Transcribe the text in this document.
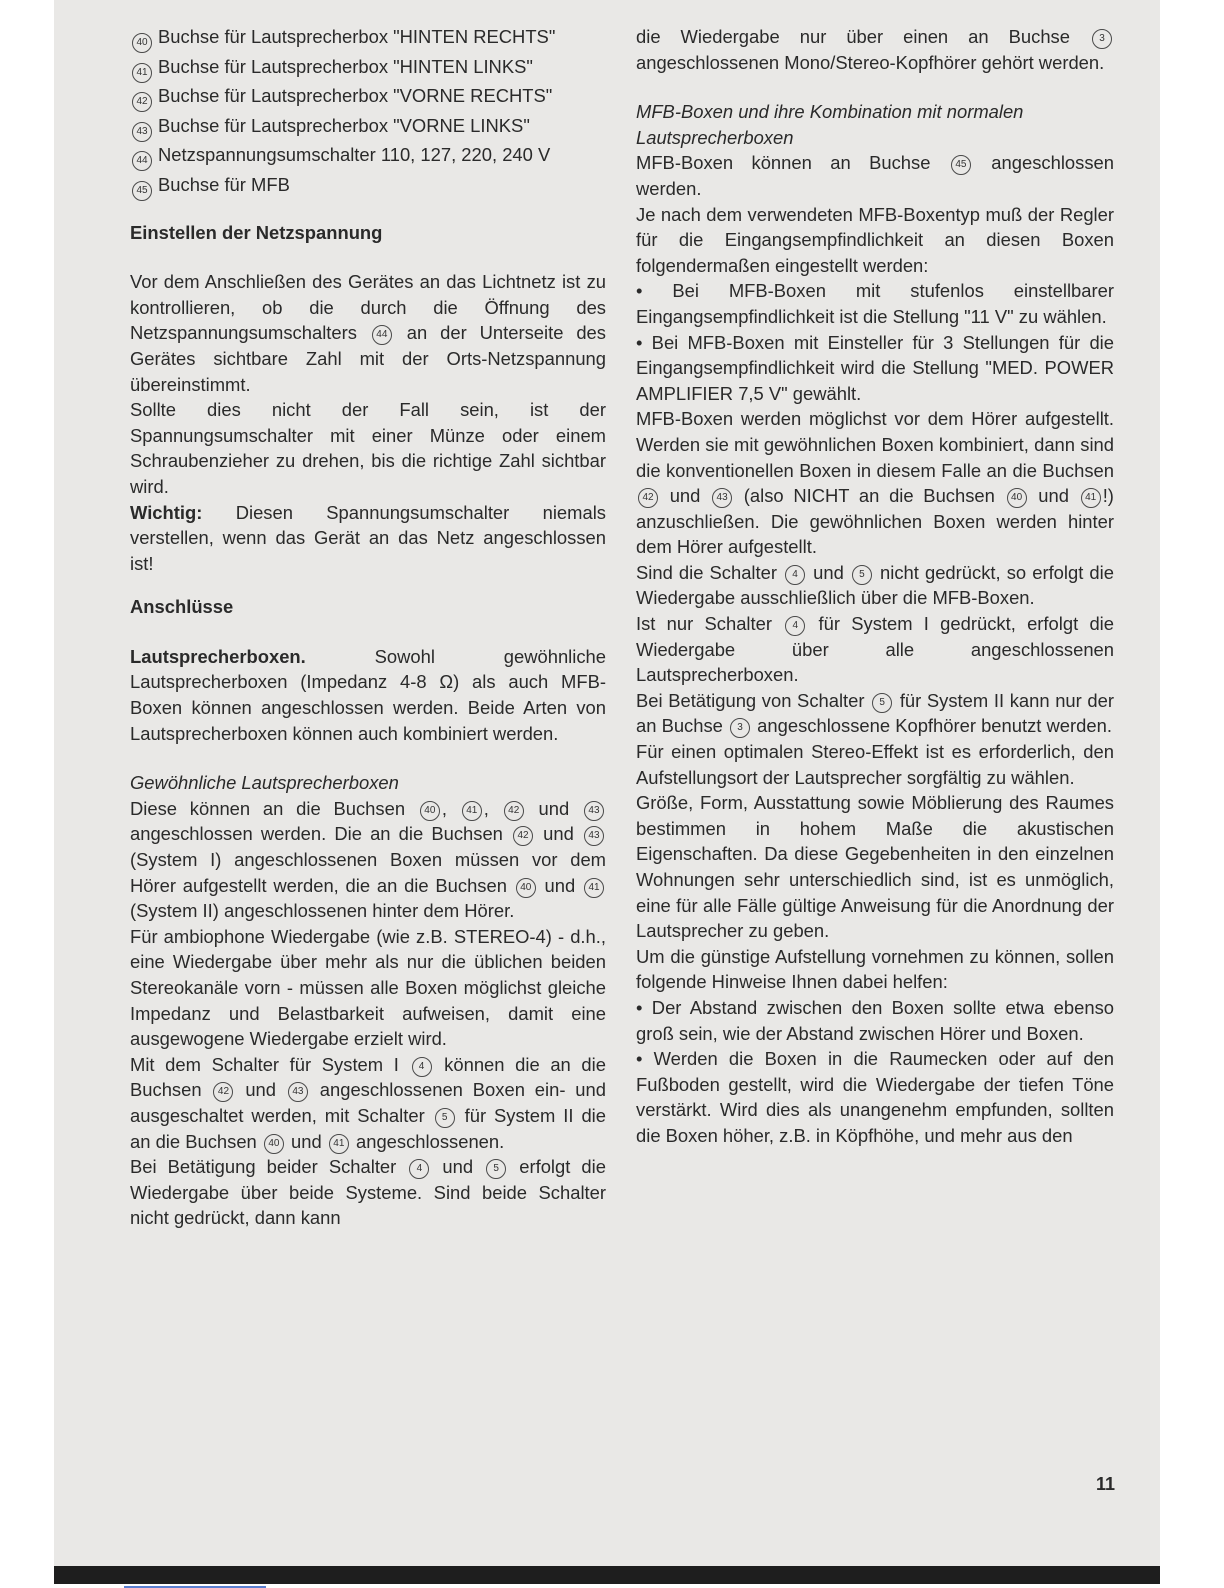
40 Buchse für Lautsprecherbox "HINTEN RECHTS"
41 Buchse für Lautsprecherbox "HINTEN LINKS"
42 Buchse für Lautsprecherbox "VORNE RECHTS"
43 Buchse für Lautsprecherbox "VORNE LINKS"
44 Netzspannungsumschalter 110, 127, 220, 240 V
45 Buchse für MFB
Einstellen der Netzspannung

Vor dem Anschließen des Gerätes an das Lichtnetz ist zu kontrollieren, ob die durch die Öffnung des Netzspannungsumschalters 44 an der Unterseite des Gerätes sichtbare Zahl mit der Orts-Netzspannung übereinstimmt.

Sollte dies nicht der Fall sein, ist der Spannungsumschalter mit einer Münze oder einem Schraubenzieher zu drehen, bis die richtige Zahl sichtbar wird.

Wichtig: Diesen Spannungsumschalter niemals verstellen, wenn das Gerät an das Netz angeschlossen ist!

Anschlüsse

Lautsprecherboxen. Sowohl gewöhnliche Lautsprecherboxen (Impedanz 4-8 Ω) als auch MFB-Boxen können angeschlossen werden. Beide Arten von Lautsprecherboxen können auch kombiniert werden.

Gewöhnliche Lautsprecherboxen

Diese können an die Buchsen 40 , 41 , 42 und 43 angeschlossen werden. Die an die Buchsen 42 und 43 (System I) angeschlossenen Boxen müssen vor dem Hörer aufgestellt werden, die an die Buchsen 40 und 41 (System II) angeschlossenen hinter dem Hörer.

Für ambiophone Wiedergabe (wie z.B. STEREO-4) - d.h., eine Wiedergabe über mehr als nur die üblichen beiden Stereokanäle vorn - müssen alle Boxen möglichst gleiche Impedanz und Belastbarkeit aufweisen, damit eine ausgewogene Wiedergabe erzielt wird.

Mit dem Schalter für System I 4 können die an die Buchsen 42 und 43 angeschlossenen Boxen ein- und ausgeschaltet werden, mit Schalter 5 für System II die an die Buchsen 40 und 41 angeschlossenen.

Bei Betätigung beider Schalter 4 und 5 erfolgt die Wiedergabe über beide Systeme. Sind beide Schalter nicht gedrückt, dann kann

die Wiedergabe nur über einen an Buchse	3 angeschlossenen Mono/Stereo-Kopfhörer gehört werden.

MFB-Boxen und ihre Kombination mit normalen Lautsprecherboxen

MFB-Boxen können an Buchse 45 angeschlossen werden.

Je nach dem verwendeten MFB-Boxentyp muß der Regler für die Eingangsempfindlichkeit an diesen Boxen folgendermaßen eingestellt werden:

• Bei MFB-Boxen mit stufenlos einstellbarer Eingangsempfindlichkeit ist die Stellung "11 V" zu wählen.

• Bei MFB-Boxen mit Einsteller für 3 Stellungen für die Eingangsempfindlichkeit wird die Stellung "MED. POWER AMPLIFIER 7,5 V" gewählt.

MFB-Boxen werden möglichst vor dem Hörer aufgestellt. Werden sie mit gewöhnlichen Boxen kombiniert, dann sind die konventionellen Boxen in diesem Falle an die Buchsen 42 und 43 (also NICHT an die Buchsen 40 und 41 !) anzuschließen. Die gewöhnlichen Boxen werden hinter dem Hörer aufgestellt.

Sind die Schalter 4 und 5 nicht gedrückt, so erfolgt die Wiedergabe ausschließlich über die MFB-Boxen.

Ist nur Schalter 4 für System I gedrückt, erfolgt die Wiedergabe über alle angeschlossenen Lautsprecherboxen.

Bei Betätigung von Schalter 5 für System II kann nur der an Buchse 3 angeschlossene Kopfhörer benutzt werden.

Für einen optimalen Stereo-Effekt ist es erforderlich, den Aufstellungsort der Lautsprecher sorgfältig zu wählen.

Größe, Form, Ausstattung sowie Möblierung des Raumes bestimmen in hohem Maße die akustischen Eigenschaften. Da diese Gegebenheiten in den einzelnen Wohnungen sehr unterschiedlich sind, ist es unmöglich, eine für alle Fälle gültige Anweisung für die Anordnung der Lautsprecher zu geben.

Um die günstige Aufstellung vornehmen zu können, sollen folgende Hinweise Ihnen dabei helfen:

• Der Abstand zwischen den Boxen sollte etwa ebenso groß sein, wie der Abstand zwischen Hörer und Boxen.

• Werden die Boxen in die Raumecken oder auf den Fußboden gestellt, wird die Wiedergabe der tiefen Töne verstärkt. Wird dies als unangenehm empfunden, sollten die Boxen höher, z.B. in Köpfhöhe, und mehr aus den

11
